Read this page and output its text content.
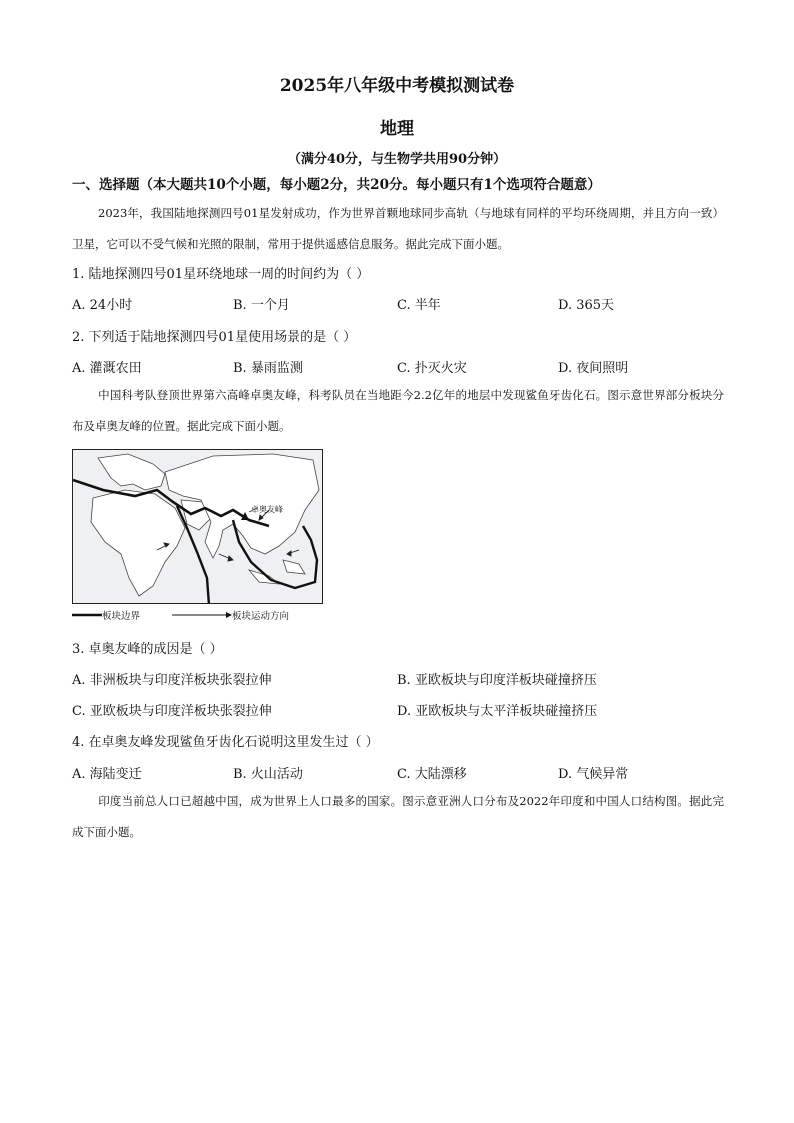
2025年八年级中考模拟测试卷
地理
（满分40分，与生物学共用90分钟）
一、选择题（本大题共10个小题，每小题2分，共20分。每小题只有1个选项符合题意）
2023年，我国陆地探测四号01星发射成功，作为世界首颗地球同步高轨（与地球有同样的平均环绕周期，并且方向一致）卫星，它可以不受气候和光照的限制，常用于提供遥感信息服务。据此完成下面小题。
1. 陆地探测四号01星环绕地球一周的时间约为（ ）
A. 24小时	B. 一个月	C. 半年	D. 365天
2. 下列适于陆地探测四号01星使用场景的是（ ）
A. 灌溉农田	B. 暴雨监测	C. 扑灭火灾	D. 夜间照明
中国科考队登顶世界第六高峰卓奥友峰，科考队员在当地距今2.2亿年的地层中发现鲨鱼牙齿化石。图示意世界部分板块分布及卓奥友峰的位置。据此完成下面小题。
卓奥友峰
板块边界	板块运动方向
3. 卓奥友峰的成因是（ ）
A. 非洲板块与印度洋板块张裂拉伸	B. 亚欧板块与印度洋板块碰撞挤压
C. 亚欧板块与印度洋板块张裂拉伸	D. 亚欧板块与太平洋板块碰撞挤压
4. 在卓奥友峰发现鲨鱼牙齿化石说明这里发生过（ ）
A. 海陆变迁	B. 火山活动	C. 大陆漂移	D. 气候异常
印度当前总人口已超越中国，成为世界上人口最多的国家。图示意亚洲人口分布及2022年印度和中国人口结构图。据此完成下面小题。
